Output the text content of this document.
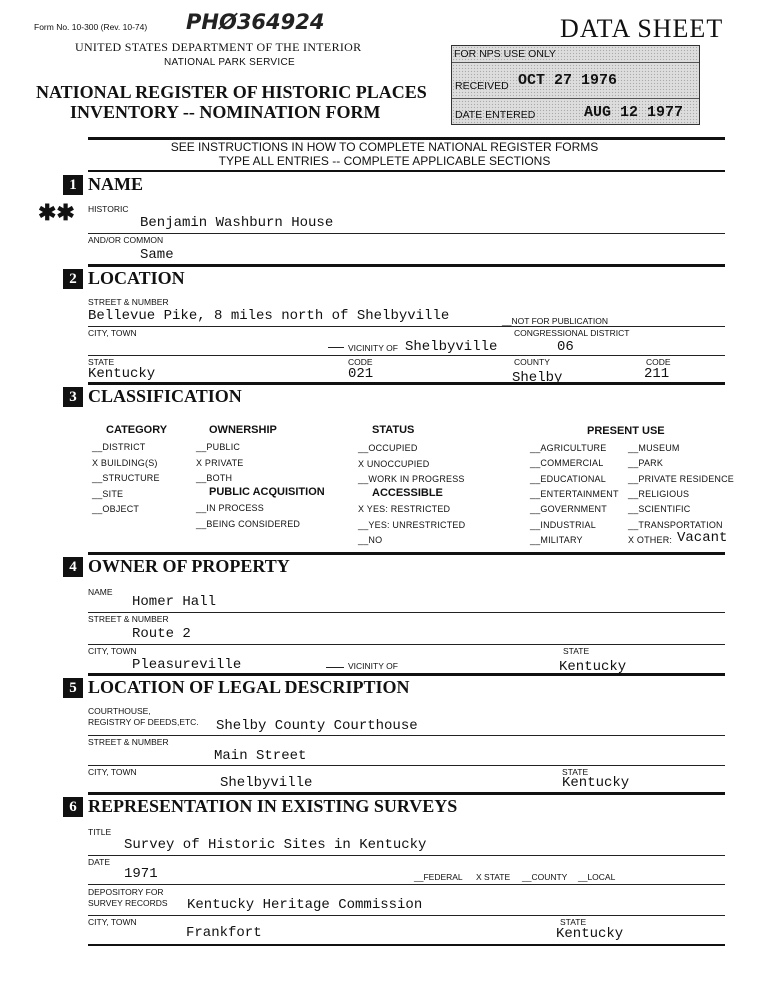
Form No. 10-300 (Rev. 10-74) PHØ364924	DATA SHEET
UNITED STATES DEPARTMENT OF THE INTERIOR
NATIONAL PARK SERVICE
NATIONAL REGISTER OF HISTORIC PLACES
INVENTORY -- NOMINATION FORM
FOR NPS USE ONLY
RECEIVED OCT 27 1976
DATE ENTERED	AUG 12 1977
SEE INSTRUCTIONS IN HOW TO COMPLETE NATIONAL REGISTER FORMS
TYPE ALL ENTRIES -- COMPLETE APPLICABLE SECTIONS
1 NAME
✱✱ HISTORIC
Benjamin Washburn House
AND/OR COMMON
Same
2 LOCATION
STREET & NUMBER
Bellevue Pike, 8 miles north of Shelbyville	__NOT FOR PUBLICATION
CITY, TOWN	CONGRESSIONAL DISTRICT
VICINITY OF Shelbyville	06
STATE	CODE	COUNTY	CODE
Kentucky	021	Shelby	211
3 CLASSIFICATION
CATEGORY
__DISTRICT
X BUILDING(S)
__STRUCTURE
__SITE
__OBJECT
OWNERSHIP
__PUBLIC
X PRIVATE
__BOTH
PUBLIC ACQUISITION
__IN PROCESS
__BEING CONSIDERED
STATUS
__OCCUPIED
X UNOCCUPIED
__WORK IN PROGRESS
ACCESSIBLE
X YES: RESTRICTED
__YES: UNRESTRICTED
__NO
PRESENT USE
__AGRICULTURE
__COMMERCIAL
__EDUCATIONAL
__ENTERTAINMENT
__GOVERNMENT
__INDUSTRIAL
__MILITARY
__MUSEUM
__PARK
__PRIVATE RESIDENCE
__RELIGIOUS
__SCIENTIFIC
__TRANSPORTATION
X OTHER: Vacant
4 OWNER OF PROPERTY
NAME
Homer Hall
STREET & NUMBER
Route 2
CITY, TOWN	STATE
Pleasureville	VICINITY OF	Kentucky
5 LOCATION OF LEGAL DESCRIPTION
COURTHOUSE,
REGISTRY OF DEEDS,ETC. Shelby County Courthouse
STREET & NUMBER
Main Street
CITY, TOWN	STATE
Shelbyville	Kentucky
6 REPRESENTATION IN EXISTING SURVEYS
TITLE
Survey of Historic Sites in Kentucky
DATE
1971	__FEDERAL X STATE __COUNTY __LOCAL
DEPOSITORY FOR
SURVEY RECORDS Kentucky Heritage Commission
CITY, TOWN	STATE
Frankfort	Kentucky
